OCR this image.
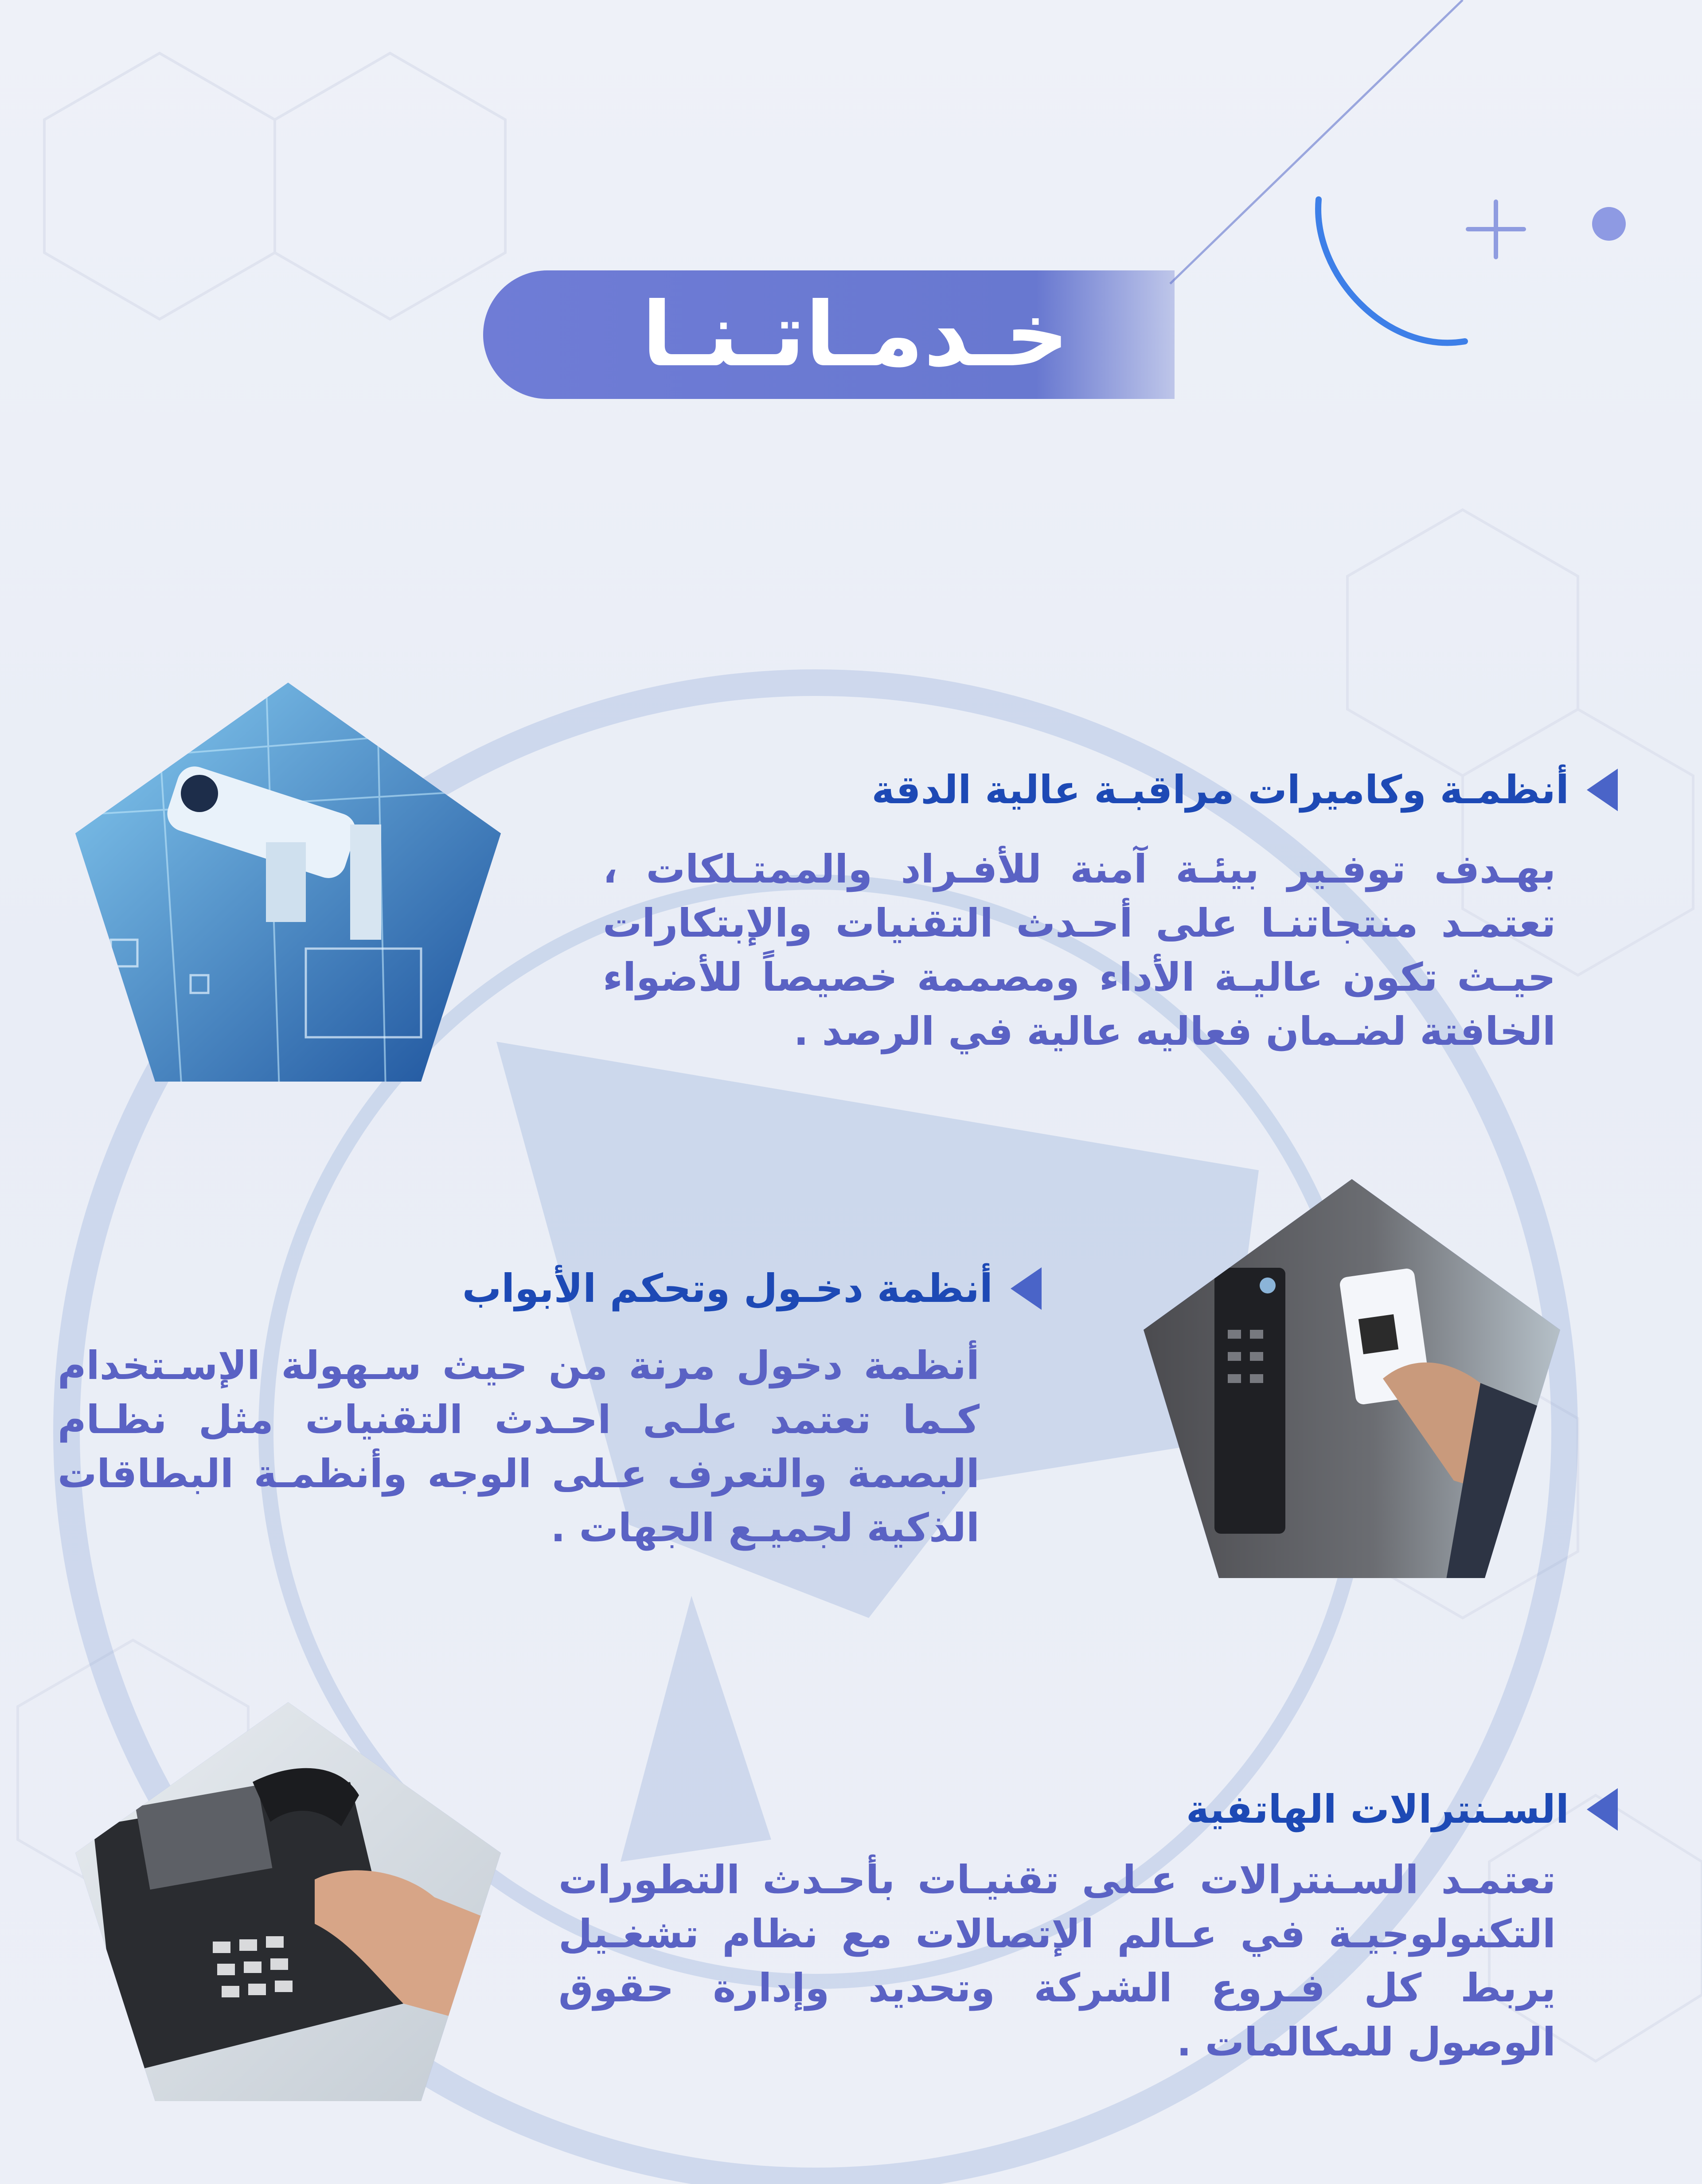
خـدمـاتـنـا
أنظمـة وكاميرات مراقبـة عالية الدقة
بهـدف توفـير بيئـة آمنة للأفـراد والممتـلكات ، تعتمـد منتجاتنـا على أحـدث التقنيات والإبتكارات حيـث تكون عاليـة الأداء ومصممة خصيصاً للأضواء الخافتة لضـمان فعاليه عالية في الرصد .
أنظمة دخـول وتحكم الأبواب
أنظمة دخول مرنة من حيث سـهولة الإسـتخدام كـما تعتمد علـى احـدث التقنيات مثل نظـام البصمة والتعرف عـلى الوجه وأنظمـة البطاقات الذكية لجميـع الجهات .
السـنترالات الهاتفية
تعتمـد السـنترالات عـلى تقنيـات بأحـدث التطورات التكنولوجيـة في عـالم الإتصالات مع نظام تشغـيل يربط كل فـروع الشركة وتحديد وإدارة حقوق الوصول للمكالمات .
